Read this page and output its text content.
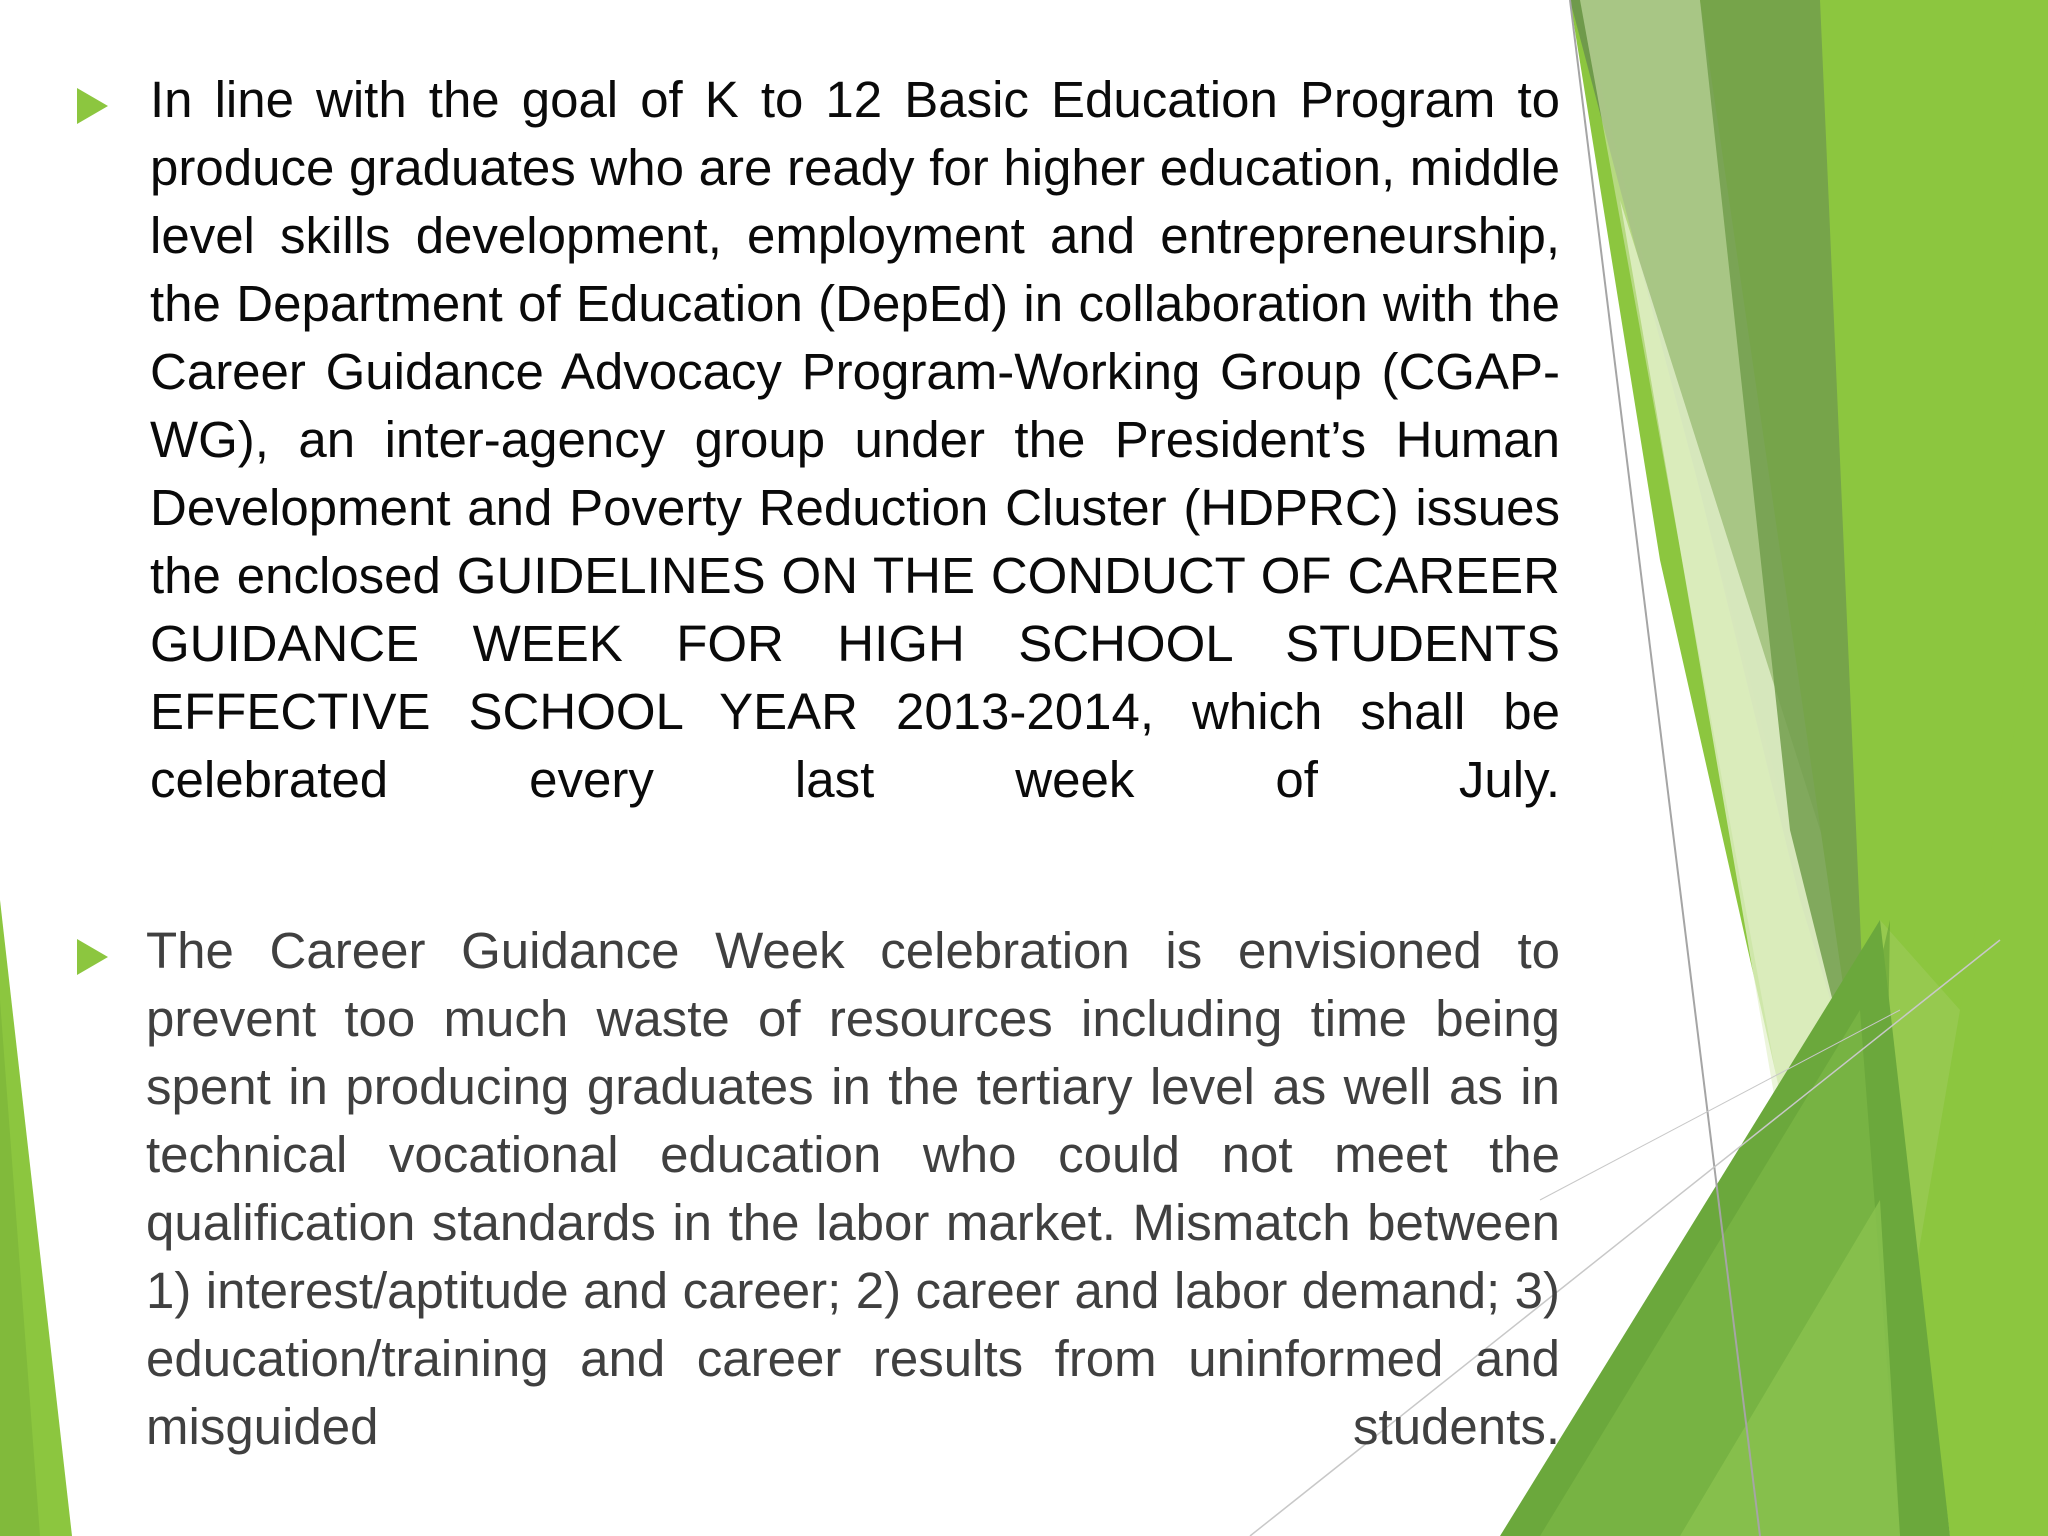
In line with the goal of K to 12 Basic Education Program to produce graduates who are ready for higher education, middle level skills development, employment and entrepreneurship, the Department of Education (DepEd) in collaboration with the Career Guidance Advocacy Program-Working Group (CGAP-WG), an inter-agency group under the President’s Human Development and Poverty Reduction Cluster (HDPRC) issues the enclosed GUIDELINES ON THE CONDUCT OF CAREER GUIDANCE WEEK FOR HIGH SCHOOL STUDENTS EFFECTIVE SCHOOL YEAR 2013-2014, which shall be celebrated every last week of July.

The Career Guidance Week celebration is envisioned to prevent too much waste of resources including time being spent in producing graduates in the tertiary level as well as in technical vocational education who could not meet the qualification standards in the labor market. Mismatch between 1) interest/aptitude and career; 2) career and labor demand; 3) education/training and career results from uninformed and misguided students.
